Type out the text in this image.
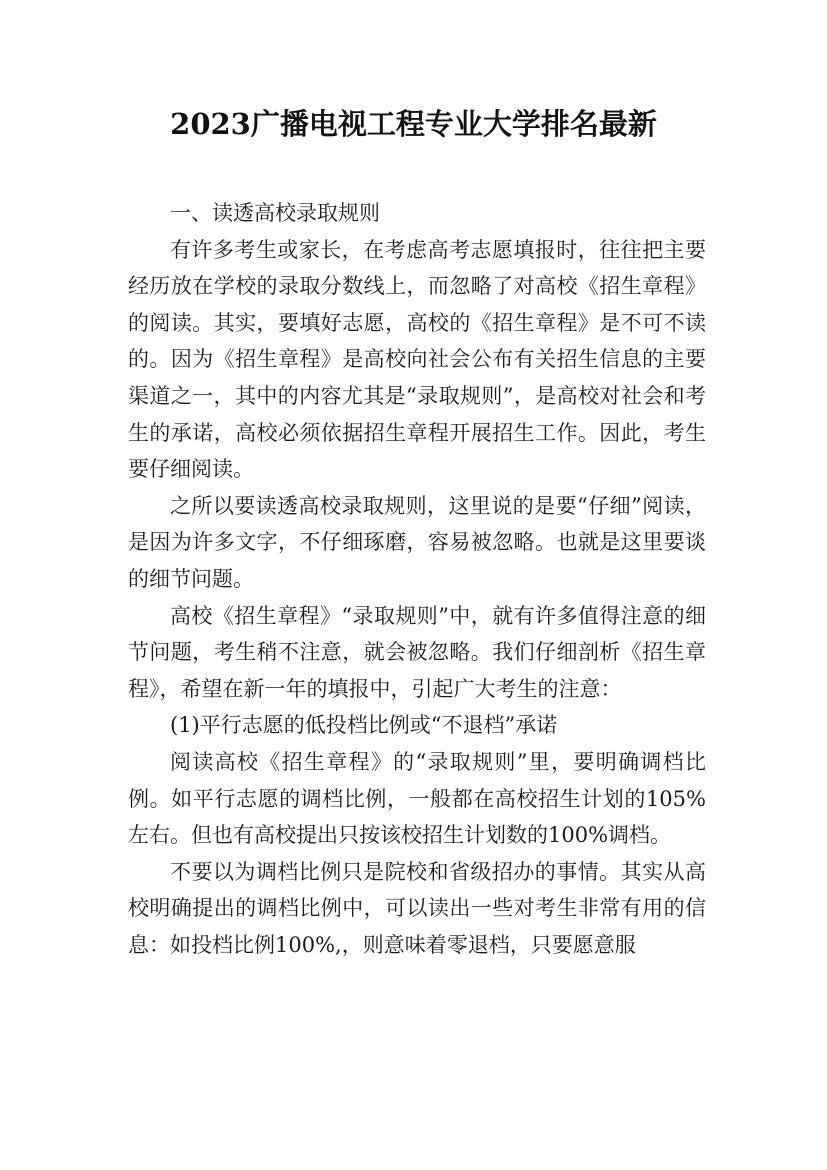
2023广播电视工程专业大学排名最新

一、读透高校录取规则

有许多考生或家长，在考虑高考志愿填报时，往往把主要经历放在学校的录取分数线上，而忽略了对高校《招生章程》的阅读。其实，要填好志愿，高校的《招生章程》是不可不读的。因为《招生章程》是高校向社会公布有关招生信息的主要渠道之一，其中的内容尤其是“录取规则”，是高校对社会和考生的承诺，高校必须依据招生章程开展招生工作。因此，考生要仔细阅读。

之所以要读透高校录取规则，这里说的是要“仔细”阅读，是因为许多文字，不仔细琢磨，容易被忽略。也就是这里要谈的细节问题。

高校《招生章程》“录取规则”中，就有许多值得注意的细节问题，考生稍不注意，就会被忽略。我们仔细剖析《招生章程》，希望在新一年的填报中，引起广大考生的注意：

(1)平行志愿的低投档比例或“不退档”承诺

阅读高校《招生章程》的“录取规则”里，要明确调档比例。如平行志愿的调档比例，一般都在高校招生计划的105%左右。但也有高校提出只按该校招生计划数的100%调档。

不要以为调档比例只是院校和省级招办的事情。其实从高校明确提出的调档比例中，可以读出一些对考生非常有用的信息：如投档比例100%,，则意味着零退档，只要愿意服
